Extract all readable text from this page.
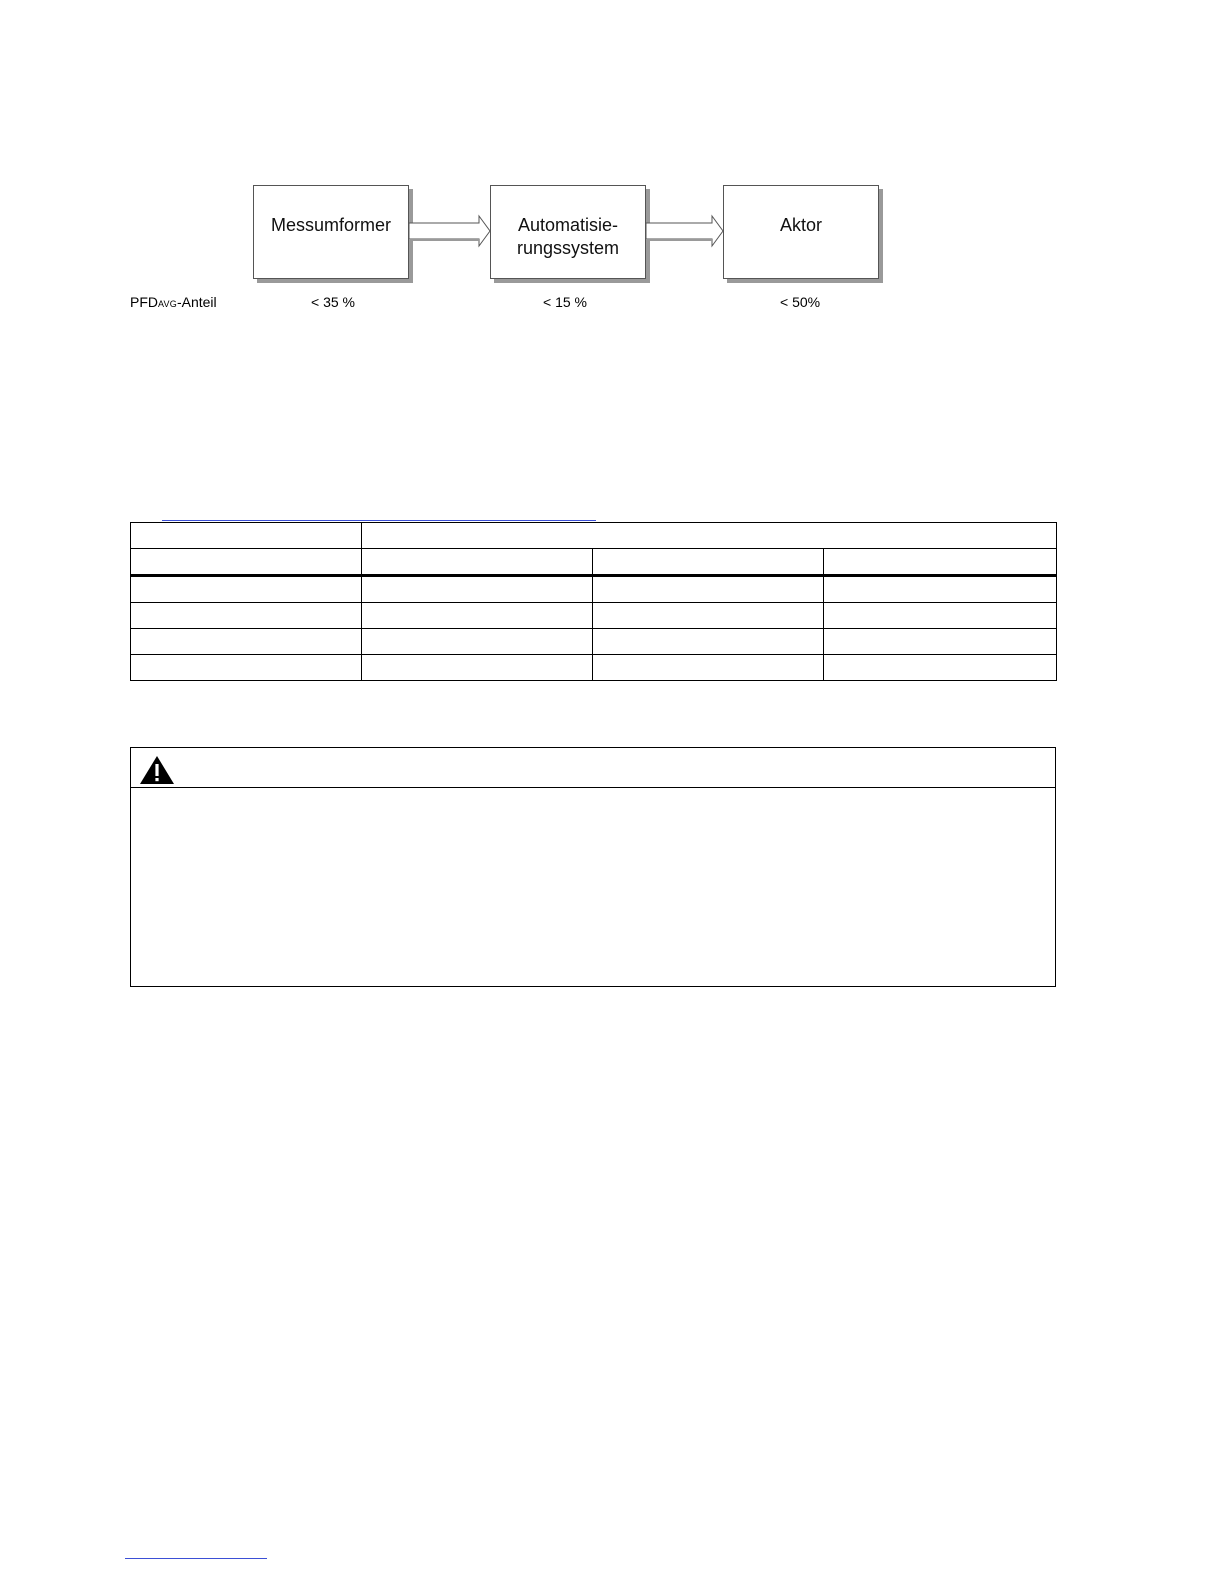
Messumformer	Automatisie-
rungssystem
Aktor
PFDAVG-Anteil	< 35 %	< 15 %	< 50%
